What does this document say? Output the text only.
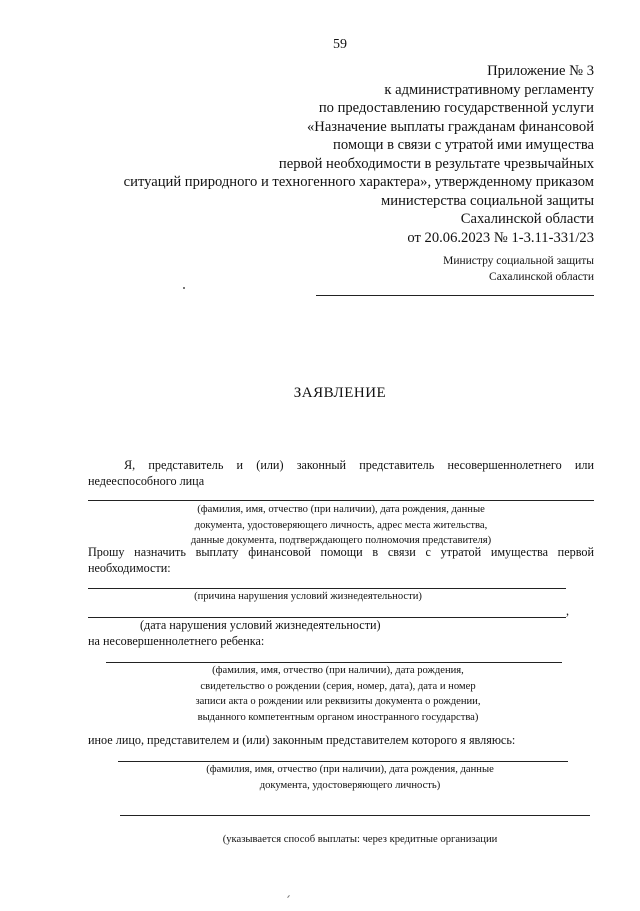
59
Приложение № 3
к административному регламенту
по предоставлению государственной услуги
«Назначение выплаты гражданам финансовой
помощи в связи с утратой ими имущества
первой необходимости в результате чрезвычайных
ситуаций природного и техногенного характера», утвержденному приказом
министерства социальной защиты
Сахалинской области
от 20.06.2023 № 1-3.11-331/23
Министру социальной защиты
Сахалинской области
ЗАЯВЛЕНИЕ
Я, представитель и (или) законный представитель несовершеннолетнего или
недееспособного лица
(фамилия, имя, отчество (при наличии), дата рождения, данные
документа, удостоверяющего личность, адрес места жительства,
данные документа, подтверждающего полномочия представителя)
Прошу назначить выплату финансовой помощи в связи с утратой имущества первой
необходимости:
(причина нарушения условий жизнедеятельности)
,
(дата нарушения условий жизнедеятельности)
на несовершеннолетнего ребенка:
(фамилия, имя, отчество (при наличии), дата рождения,
свидетельство о рождении (серия, номер, дата), дата и номер
записи акта о рождении или реквизиты документа о рождении,
выданного компетентным органом иностранного государства)
иное лицо, представителем и (или) законным представителем которого я являюсь:
(фамилия, имя, отчество (при наличии), дата рождения, данные
документа, удостоверяющего личность)
(указывается способ выплаты: через кредитные организации
